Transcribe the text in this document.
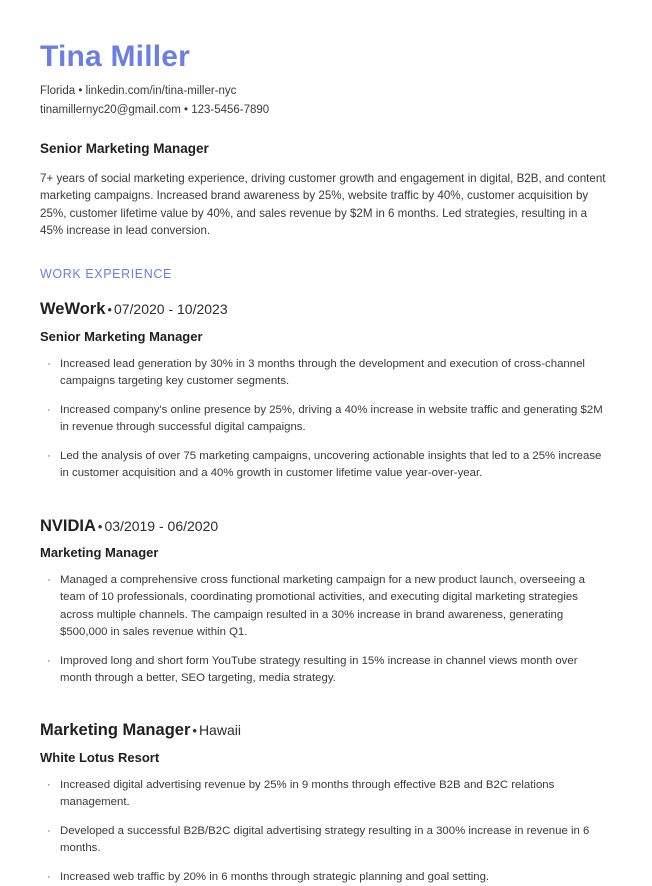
Tina Miller

Florida • linkedin.com/in/tina-miller-nyc

tinamillernyc20@gmail.com • 123-5456-7890

Senior Marketing Manager

7+ years of social marketing experience, driving customer growth and engagement in digital, B2B, and content marketing campaigns. Increased brand awareness by 25%, website traffic by 40%, customer acquisition by 25%, customer lifetime value by 40%, and sales revenue by $2M in 6 months. Led strategies, resulting in a 45% increase in lead conversion.

WORK EXPERIENCE
WeWork • 07/2020 - 10/2023
Senior Marketing Manager
· Increased lead generation by 30% in 3 months through the development and execution of cross-channel campaigns targeting key customer segments.
· Increased company's online presence by 25%, driving a 40% increase in website traffic and generating $2M in revenue through successful digital campaigns.
· Led the analysis of over 75 marketing campaigns, uncovering actionable insights that led to a 25% increase in customer acquisition and a 40% growth in customer lifetime value year-over-year.
NVIDIA • 03/2019 - 06/2020
Marketing Manager
· Managed a comprehensive cross functional marketing campaign for a new product launch, overseeing a team of 10 professionals, coordinating promotional activities, and executing digital marketing strategies across multiple channels. The campaign resulted in a 30% increase in brand awareness, generating $500,000 in sales revenue within Q1.
· Improved long and short form YouTube strategy resulting in 15% increase in channel views month over month through a better, SEO targeting, media strategy.
Marketing Manager • Hawaii
White Lotus Resort
· Increased digital advertising revenue by 25% in 9 months through effective B2B and B2C relations management.
· Developed a successful B2B/B2C digital advertising strategy resulting in a 300% increase in revenue in 6 months.
· Increased web traffic by 20% in 6 months through strategic planning and goal setting.
